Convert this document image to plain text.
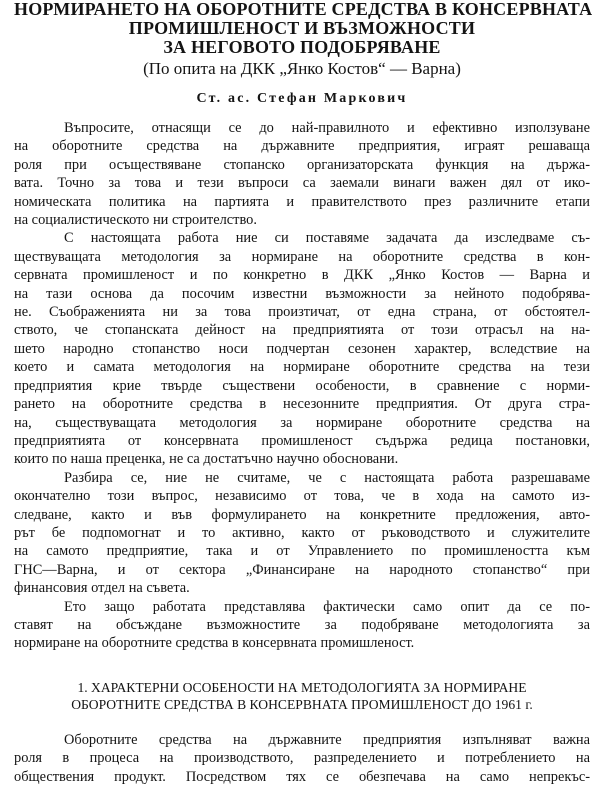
НОРМИРАНЕТО НА ОБОРОТНИТЕ СРЕДСТВА В КОНСЕРВНАТА
ПРОМИШЛЕНОСТ И ВЪЗМОЖНОСТИ
ЗА НЕГОВОТО ПОДОБРЯВАНЕ
(По опита на ДКК „Янко Костов“ — Варна)
Ст. ас. Стефан Маркович
Въпросите, отнасящи се до най-правилното и ефективно използуване
на оборотните средства на държавните предприятия, играят решаваща
роля при осъществяване стопанско организаторската функция на държа-
вата. Точно за това и тези въпроси са заемали винаги важен дял от ико-
номическата политика на партията и правителството през различните етапи
на социалистическото ни строителство.
С настоящата работа ние си поставяме задачата да изследваме съ-
ществуващата методология за нормиране на оборотните средства в кон-
сервната промишленост и по конкретно в ДКК „Янко Костов — Варна и
на тази основа да посочим известни възможности за нейното подобрява-
не. Съображенията ни за това произтичат, от една страна, от обстоятел-
ството, че стопанската дейност на предприятията от този отрасъл на на-
шето народно стопанство носи подчертан сезонен характер, вследствие на
което и самата методология на нормиране оборотните средства на тези
предприятия крие твърде съществени особености, в сравнение с норми-
рането на оборотните средства в несезонните предприятия. От друга стра-
на, съществуващата методология за нормиране оборотните средства на
предприятията от консервната промишленост съдържа редица постановки,
които по наша преценка, не са достатъчно научно обосновани.
Разбира се, ние не считаме, че с настоящата работа разрешаваме
окончателно този въпрос, независимо от това, че в хода на самото из-
следване, както и във формулирането на конкретните предложения, авто-
рът бе подпомогнат и то активно, както от ръководството и служителите
на самото предприятие, така и от Управлението по промишлеността към
ГНС—Варна, и от сектора „Финансиране на народното стопанство“ при
финансовия отдел на съвета.
Ето защо работата представлява фактически само опит да се по-
ставят на обсъждане възможностите за подобряване методологията за
нормиране на оборотните средства в консервната промишленост.
1. ХАРАКТЕРНИ ОСОБЕНОСТИ НА МЕТОДОЛОГИЯТА ЗА НОРМИРАНЕ
ОБОРОТНИТЕ СРЕДСТВА В КОНСЕРВНАТА ПРОМИШЛЕНОСТ ДО 1961 г.
Оборотните средства на държавните предприятия изпълняват важна
роля в процеса на производството, разпределението и потреблението на
обществения продукт. Посредством тях се обезпечава на само непрекъс-
